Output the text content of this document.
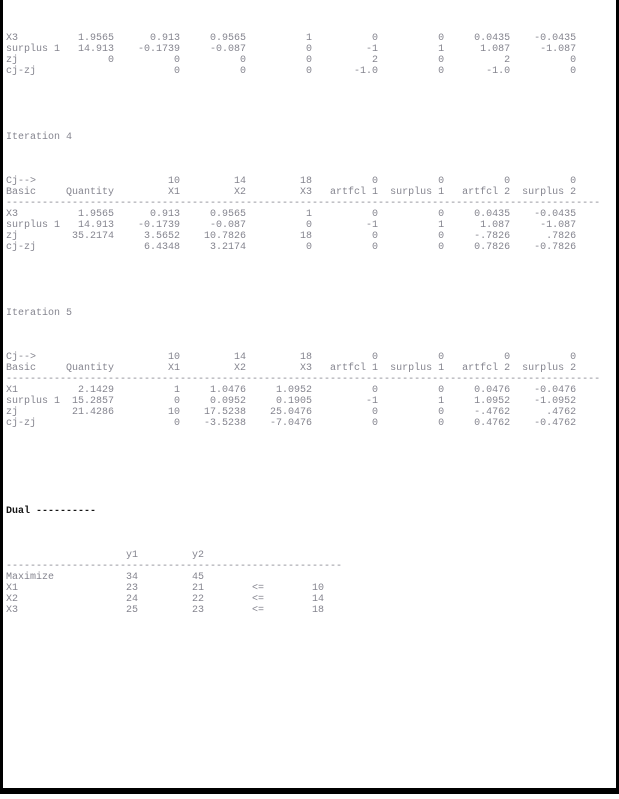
X3          1.9565      0.913     0.9565          1          0          0     0.0435    -0.0435
surplus 1   14.913    -0.1739     -0.087          0         -1          1      1.087     -1.087
zj               0          0          0          0          2          0          2          0
cj-zj                       0          0          0       -1.0          0       -1.0          0

Iteration 4

Cj-->                      10         14         18          0          0          0          0
Basic     Quantity         X1         X2         X3   artfcl 1  surplus 1   artfcl 2  surplus 2
---------------------------------------------------------------------------------------------------
X3          1.9565      0.913     0.9565          1          0          0     0.0435    -0.0435
surplus 1   14.913    -0.1739     -0.087          0         -1          1      1.087     -1.087
zj         35.2174     3.5652    10.7826         18          0          0     -.7826      .7826
cj-zj                  6.4348     3.2174          0          0          0     0.7826    -0.7826

Iteration 5

Cj-->                      10         14         18          0          0          0          0
Basic     Quantity         X1         X2         X3   artfcl 1  surplus 1   artfcl 2  surplus 2
---------------------------------------------------------------------------------------------------
X1          2.1429          1     1.0476     1.0952          0          0     0.0476    -0.0476
surplus 1  15.2857          0     0.0952     0.1905         -1          1     1.0952    -1.0952
zj         21.4286         10    17.5238    25.0476          0          0     -.4762      .4762
cj-zj                       0    -3.5238    -7.0476          0          0     0.4762    -0.4762

Dual ----------

y1         y2
--------------------------------------------------------
Maximize            34         45
X1                  23         21        <=        10
X2                  24         22        <=        14
X3                  25         23        <=        18
